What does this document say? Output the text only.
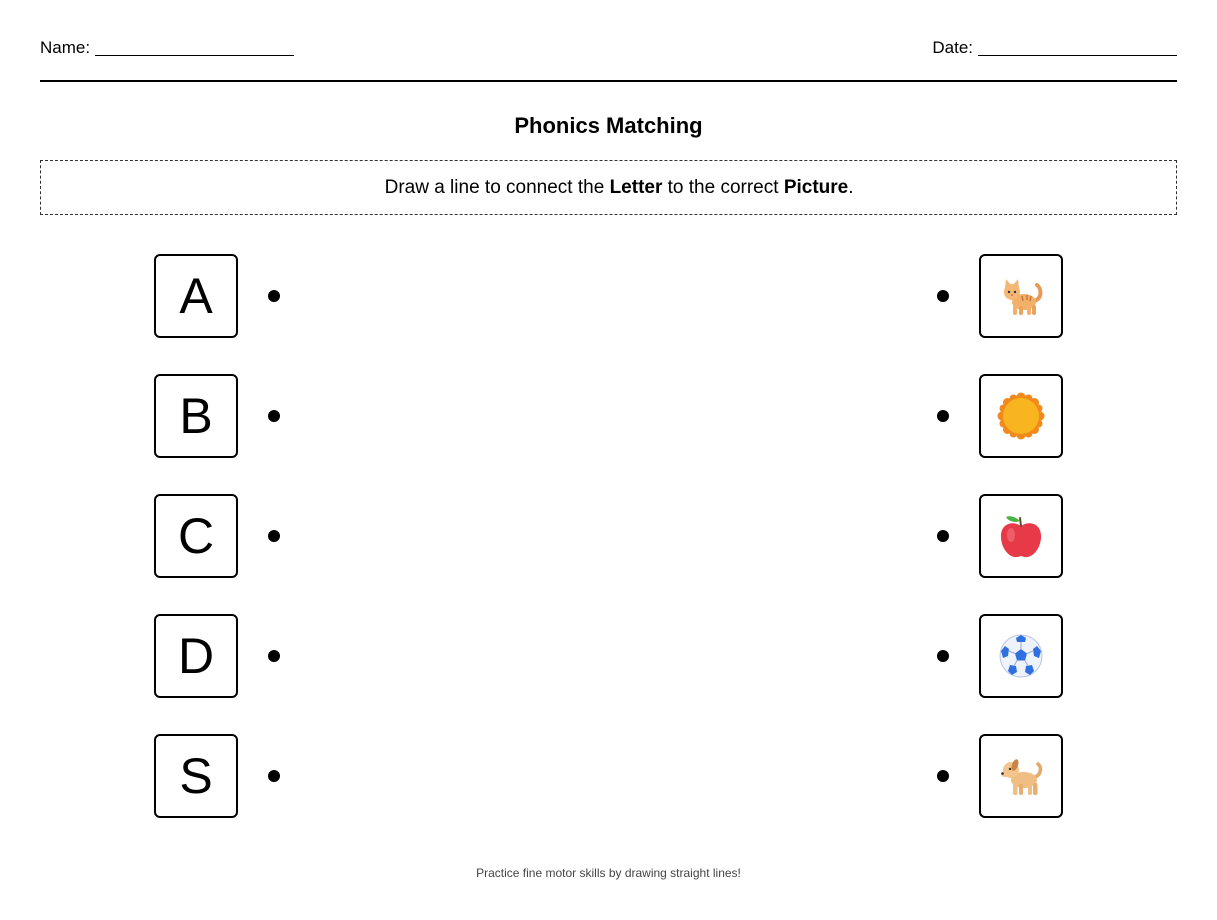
Name:	Date:
Phonics Matching

Draw a line to connect the Letter to the correct Picture.

A
B
C
D
S
Practice fine motor skills by drawing straight lines!
